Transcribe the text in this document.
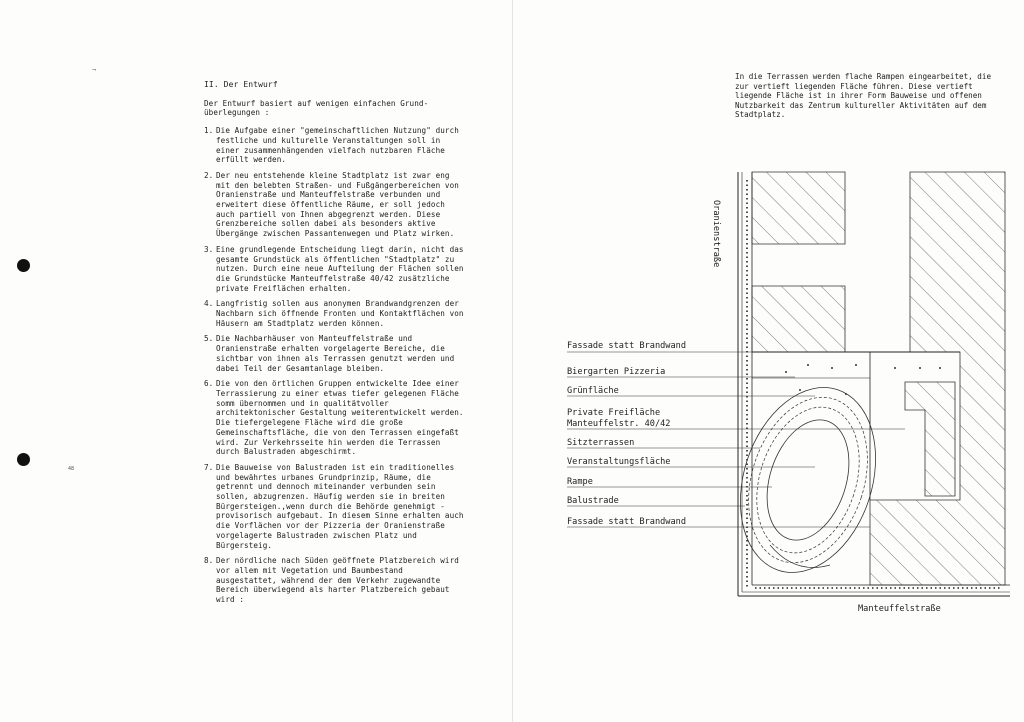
¬
48
II. Der Entwurf
Der Entwurf basiert auf wenigen einfachen Grund-überlegungen :
1. Die Aufgabe einer "gemeinschaftlichen Nutzung" durch festliche und kulturelle Veranstaltungen soll in einer zusammenhängenden vielfach nutzbaren Fläche erfüllt werden.
2. Der neu entstehende kleine Stadtplatz ist zwar eng mit den belebten Straßen- und Fußgängerbereichen von Oranienstraße und Manteuffelstraße verbunden und erweitert diese öffentliche Räume, er soll jedoch auch partiell von Ihnen abgegrenzt werden. Diese Grenzbereiche sollen dabei als besonders aktive Übergänge zwischen Passantenwegen und Platz wirken.
3. Eine grundlegende Entscheidung liegt darin, nicht das gesamte Grundstück als öffentlichen "Stadtplatz" zu nutzen. Durch eine neue Aufteilung der Flächen sollen die Grundstücke Manteuffelstraße 40/42 zusätzliche private Freiflächen erhalten.
4. Langfristig sollen aus anonymen Brandwandgrenzen der Nachbarn sich öffnende Fronten und Kontaktflächen von Häusern am Stadtplatz werden können.
5. Die Nachbarhäuser von Manteuffelstraße und Oranienstraße erhalten vorgelagerte Bereiche, die sichtbar von ihnen als Terrassen genutzt werden und dabei Teil der Gesamtanlage bleiben.
6. Die von den örtlichen Gruppen entwickelte Idee einer Terrassierung zu einer etwas tiefer gelegenen Fläche somm übernommen und in qualitätvoller architektonischer Gestaltung weiterentwickelt werden. Die tiefergelegene Fläche wird die große Gemeinschaftsfläche, die von den Terrassen eingefaßt wird. Zur Verkehrsseite hin werden die Terrassen durch Balustraden abgeschirmt.
7. Die Bauweise von Balustraden ist ein traditionelles und bewährtes urbanes Grundprinzip, Räume, die getrennt und dennoch miteinander verbunden sein sollen, abzugrenzen. Häufig werden sie in breiten Bürgersteigen.,wenn durch die Behörde genehmigt - provisorisch aufgebaut. In diesem Sinne erhalten auch die Vorflächen vor der Pizzeria der Oranienstraße vorgelagerte Balustraden zwischen Platz und Bürgersteig.
8. Der nördliche nach Süden geöffnete Platzbereich wird vor allem mit Vegetation und Baumbestand ausgestattet, während der dem Verkehr zugewandte Bereich überwiegend als harter Platzbereich gebaut wird :
In die Terrassen werden flache Rampen eingearbeitet, die zur vertieft liegenden Fläche führen. Diese vertieft liegende Fläche ist in ihrer Form Bauweise und offenen Nutzbarkeit das Zentrum kultureller Aktivitäten auf dem Stadtplatz.
Oranienstraße
Manteuffelstraße
Fassade statt Brandwand
Biergarten Pizzeria
Grünfläche
Private Freifläche
Manteuffelstr. 40/42
Sitzterrassen
Veranstaltungsfläche
Rampe
Balustrade
Fassade statt Brandwand
